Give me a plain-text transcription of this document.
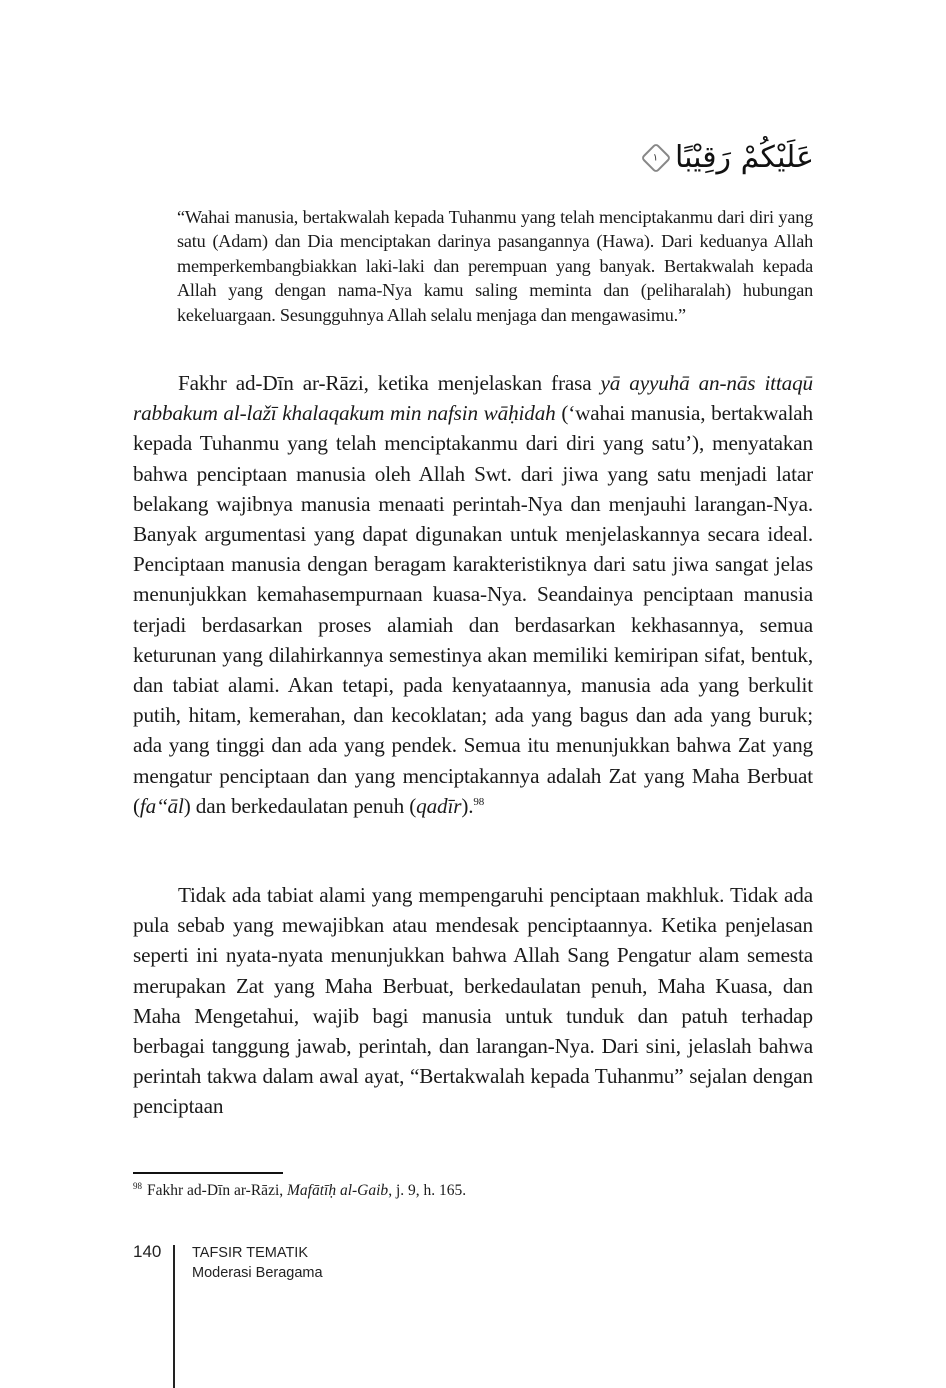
عَلَيْكُمْ رَقِيْبًا
١

“Wahai manusia, bertakwalah kepada Tuhanmu yang telah menciptakanmu dari diri yang satu (Adam) dan Dia menciptakan darinya pasangannya (Hawa). Dari keduanya Allah memperkembangbiakkan laki-laki dan perempuan yang banyak. Bertakwalah kepada Allah yang dengan nama-Nya kamu saling meminta dan (peliharalah) hubungan kekeluargaan. Sesungguhnya Allah selalu menjaga dan mengawasimu.”

Fakhr ad-Dīn ar-Rāzi, ketika menjelaskan frasa yā ayyuhā an-nās ittaqū rabbakum al-lažī khalaqakum min nafsin wāḥidah (‘wahai manusia, bertakwalah kepada Tuhanmu yang telah menciptakanmu dari diri yang satu’), menyatakan bahwa penciptaan manusia oleh Allah Swt. dari jiwa yang satu menjadi latar belakang wajibnya manusia menaati perintah-Nya dan menjauhi larangan-Nya. Banyak argumentasi yang dapat digunakan untuk menjelaskannya secara ideal. Penciptaan manusia dengan beragam karakteristiknya dari satu jiwa sangat jelas menunjukkan kemahasempurnaan kuasa-Nya. Seandainya penciptaan manusia terjadi berdasarkan proses alamiah dan berdasarkan kekhasannya, semua keturunan yang dilahirkannya semestinya akan memiliki kemiripan sifat, bentuk, dan tabiat alami. Akan tetapi, pada kenyataannya, manusia ada yang berkulit putih, hitam, kemerahan, dan kecoklatan; ada yang bagus dan ada yang buruk; ada yang tinggi dan ada yang pendek. Semua itu menunjukkan bahwa Zat yang mengatur penciptaan dan yang menciptakannya adalah Zat yang Maha Berbuat (fa‘‘āl) dan berkedaulatan penuh (qadīr).$^{98}$

Tidak ada tabiat alami yang mempengaruhi penciptaan makhluk. Tidak ada pula sebab yang mewajibkan atau mendesak penciptaannya. Ketika penjelasan seperti ini nyata-nyata menunjukkan bahwa Allah Sang Pengatur alam semesta merupakan Zat yang Maha Berbuat, berkedaulatan penuh, Maha Kuasa, dan Maha Mengetahui, wajib bagi manusia untuk tunduk dan patuh terhadap berbagai tanggung jawab, perintah, dan larangan-Nya. Dari sini, jelaslah bahwa perintah takwa dalam awal ayat, “Bertakwalah kepada Tuhanmu” sejalan dengan penciptaan

$^{98}$ Fakhr ad-Dīn ar-Rāzi, Mafātīḥ al-Gaib, j. 9, h. 165.
140 TAFSIR TEMATIK
Moderasi Beragama
